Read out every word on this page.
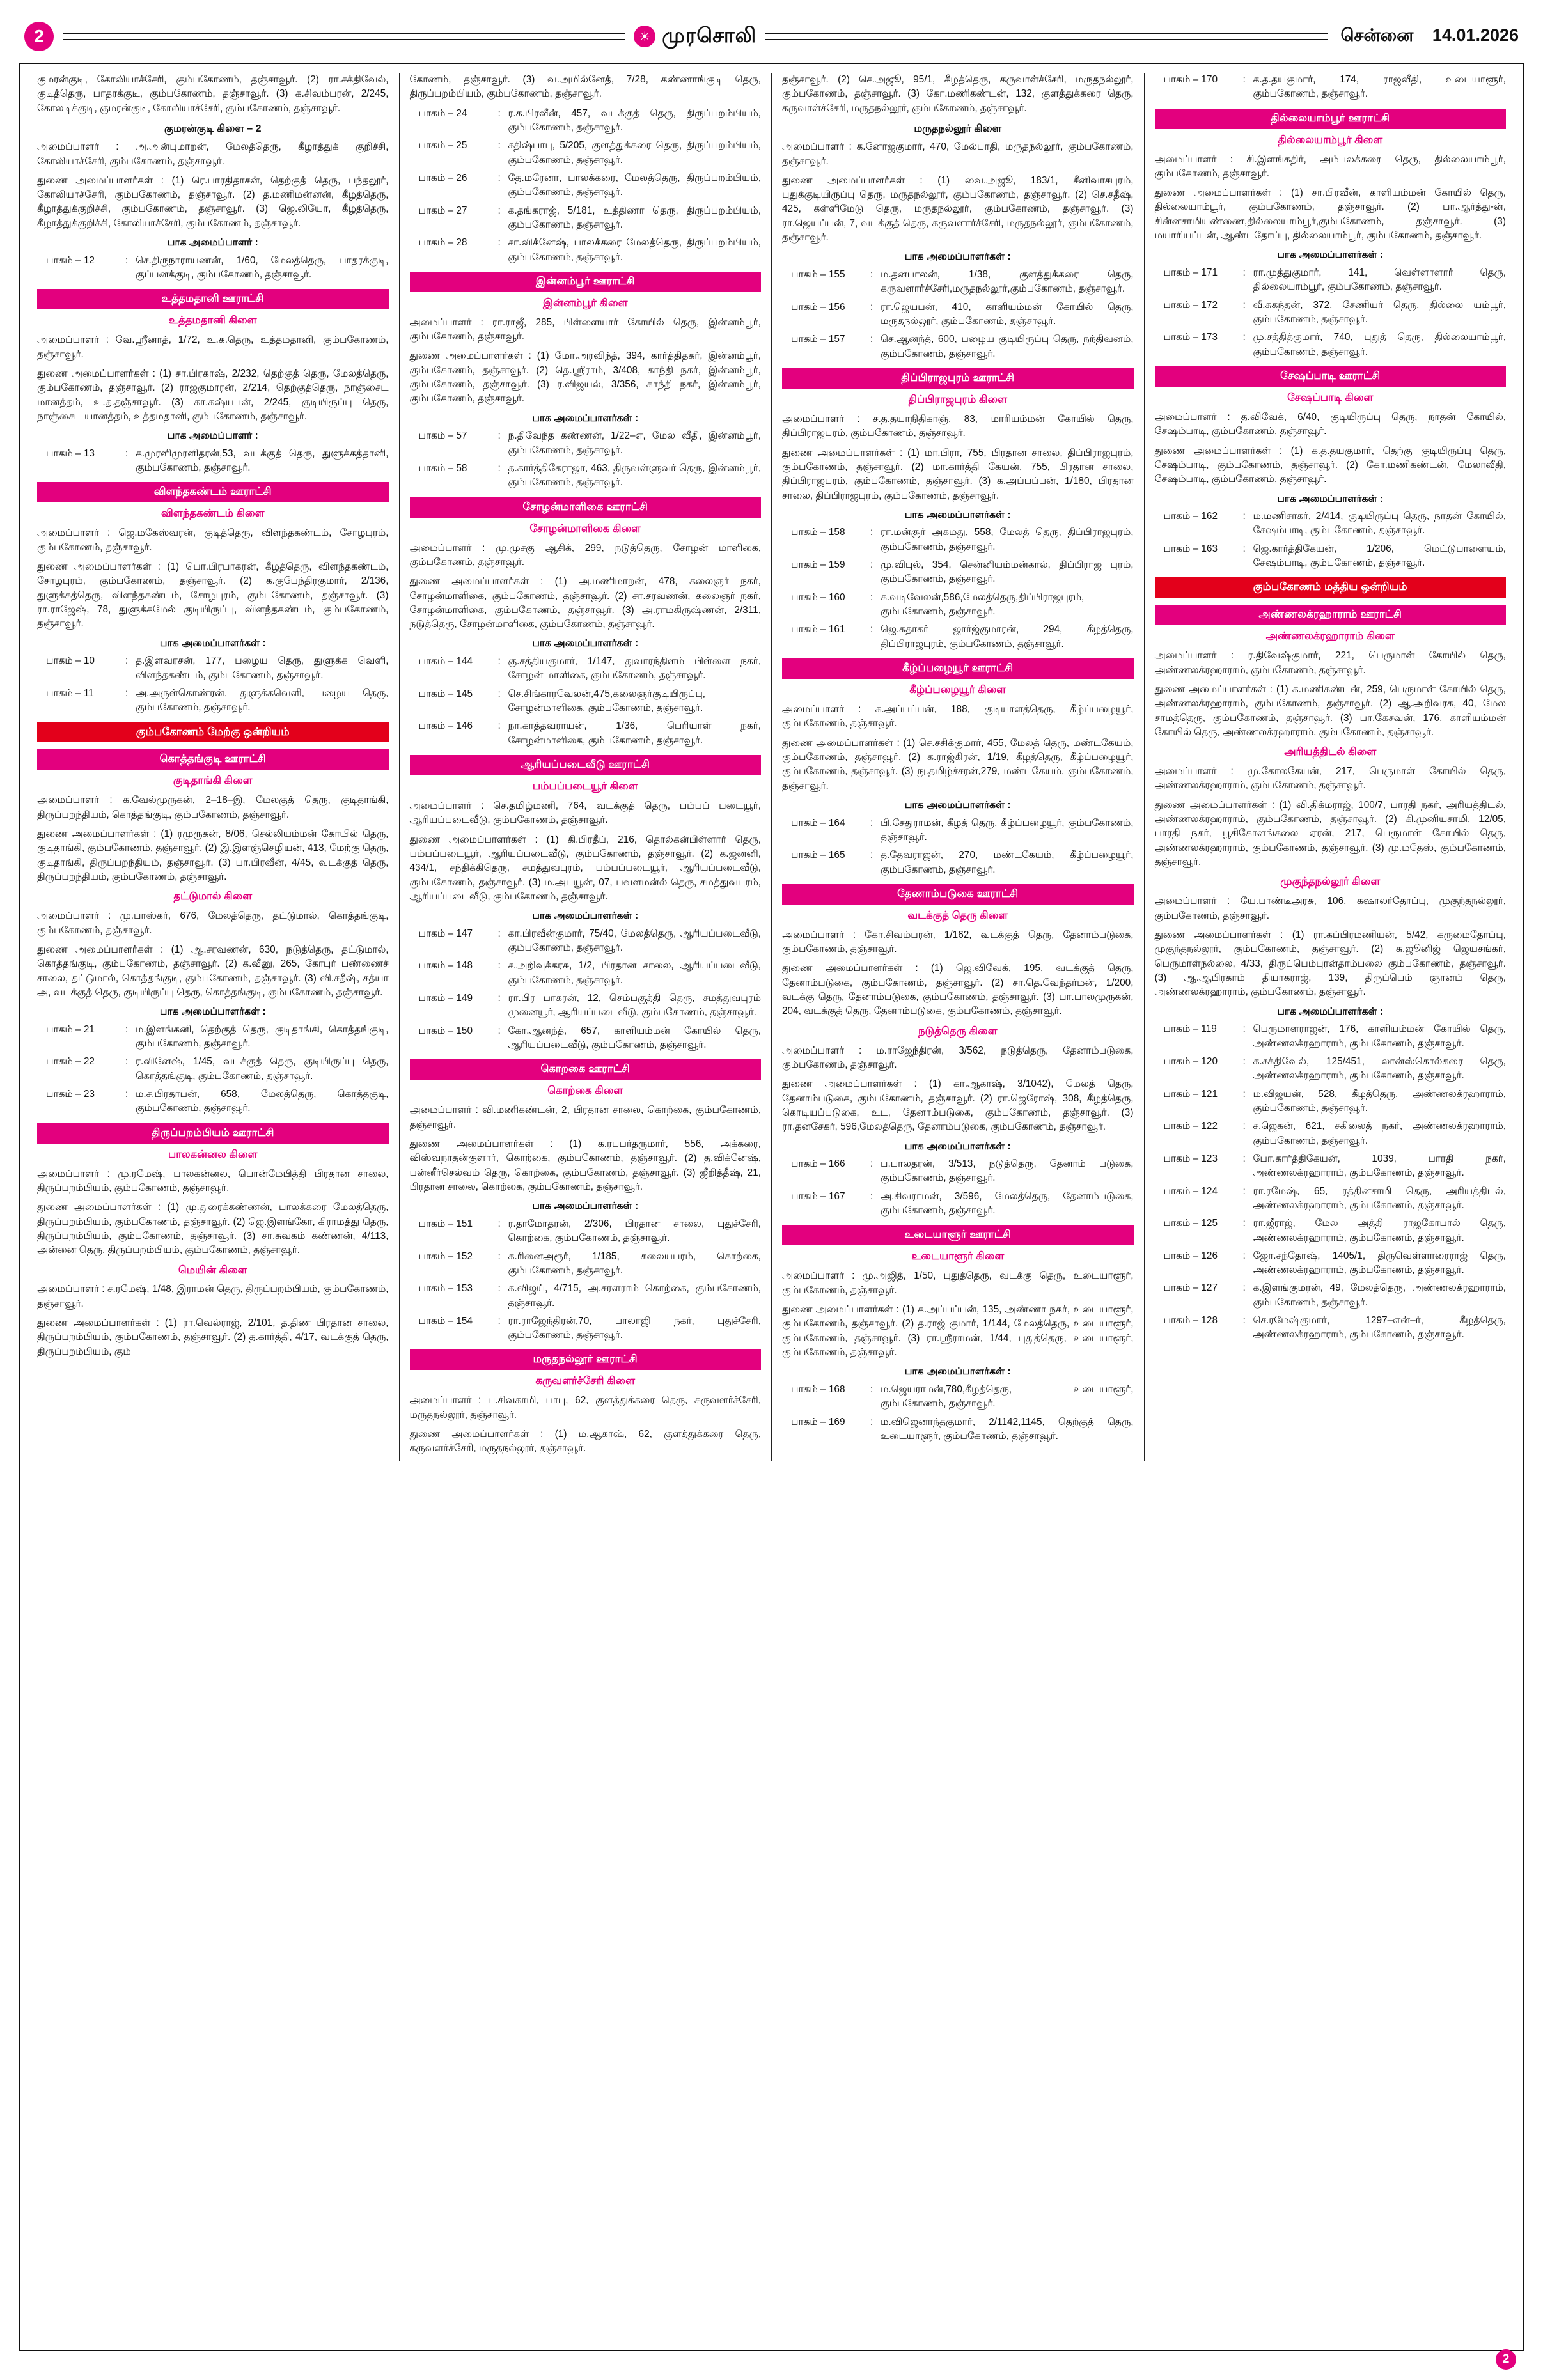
2	☀ முரசொலி	சென்னை 14.01.2026
குமரன்குடி, கோலியாச்சேரி, கும்பகோணம், தஞ்சாவூர். (2) ரா.சக்திவேல், குடித்தெரு, பாதரக்குடி, கும்பகோணம், தஞ்சாவூர். (3) க.சிவம்பரன், 2/245, கோலடிக்குடி, குமரன்குடி, கோலியாச்சேரி, கும்பகோணம், தஞ்சாவூர்.
குமரன்குடி கிளை – 2
அமைப்பாளர் : அ.அன்புமாறன், மேலத்தெரு, கீழாத்துக் குறிச்சி, கோலியாச்சேரி, கும்பகோணம், தஞ்சாவூர்.
துணை அமைப்பாளர்கள் : (1) ரெ.பாரதிதாசன், தெற்குத் தெரு, பந்தலூர், கோலியாச்சேரி, கும்பகோணம், தஞ்சாவூர். (2) த.மணிமன்னன், கீழத்தெரு, கீழாத்துக்குறிச்சி, கும்பகோணம், தஞ்சாவூர். (3) ஜெ.லியோ, கீழத்தெரு, கீழாத்துக்குறிச்சி, கோலியாச்சேரி, கும்பகோணம், தஞ்சாவூர்.
பாக அமைப்பாளர் :
பாகம் – 12	: செ.திருநாராயணன், 1/60, மேலத்தெரு, பாதரக்குடி, குப்பனக்குடி, கும்பகோணம், தஞ்சாவூர்.
உத்தமதானி ஊராட்சி
உத்தமதானி கிளை
அமைப்பாளர் : வே.ஸ்ரீனாத், 1/72, உ.க.தெரு, உத்தமதானி, கும்பகோணம், தஞ்சாவூர்.
துணை அமைப்பாளர்கள் : (1) சா.பிரகாஷ், 2/232, தெற்குத் தெரு, மேலத்தெரு, கும்பகோணம், தஞ்சாவூர். (2) ராஜகுமாரன், 2/214, தெற்குத்தெரு, நாஞ்சைட மானத்தம், உ.த.தஞ்சாவூர். (3) கா.கஷ்யபன், 2/245, குடியிருப்பு தெரு, நாஞ்சைட யானத்தம், உத்தமதானி, கும்பகோணம், தஞ்சாவூர்.
பாக அமைப்பாளர் :
பாகம் – 13	: க.முரளிமுரளிதரன்,53, வடக்குத் தெரு, துளுக்கத்தானி, கும்பகோணம், தஞ்சாவூர்.
விளந்தகண்டம் ஊராட்சி
விளந்தகண்டம் கிளை
அமைப்பாளர் : ஜெ.மகேஸ்வரன், குடித்தெரு, விளந்தகண்டம், சோழபுரம், கும்பகோணம், தஞ்சாவூர்.
துணை அமைப்பாளர்கள் : (1) பொ.பிரபாகரன், கீழத்தெரு, விளந்தகண்டம், சோழபுரம், கும்பகோணம், தஞ்சாவூர். (2) க.குபேந்திரகுமார், 2/136, துளுக்கத்தெரு, விளந்தகண்டம், சோழபுரம், கும்பகோணம், தஞ்சாவூர். (3) ரா.ராஜேஷ், 78, துளுக்கமேல் குடியிருப்பு, விளந்தகண்டம், கும்பகோணம், தஞ்சாவூர்.
பாக அமைப்பாளர்கள் :
பாகம் – 10	: த.இளவரசன், 177, பழைய தெரு, துளுக்க வெளி, விளந்தகண்டம், கும்பகோணம், தஞ்சாவூர்.
பாகம் – 11	: அ.அருள்கொண்ரன், துளுக்கவெளி, பழைய தெரு, கும்பகோணம், தஞ்சாவூர்.
கும்பகோணம் மேற்கு ஒன்றியம்
கொத்தங்குடி ஊராட்சி
குடிதாங்கி கிளை
அமைப்பாளர் : க.வேல்முருகன், 2–18–இ, மேலகுத் தெரு, குடிதாங்கி, திருப்பறந்தியம், கொத்தங்குடி, கும்பகோணம், தஞ்சாவூர்.
துணை அமைப்பாளர்கள் : (1) ரமுருகன், 8/06, செல்லியம்மன் கோயில் தெரு, குடிதாங்கி, கும்பகோணம், தஞ்சாவூர். (2) இ.இளஞ்செழியன், 413, மேற்கு தெரு, குடிதாங்கி, திருப்பறந்தியம், தஞ்சாவூர். (3) பா.பிரவீன், 4/45, வடக்குத் தெரு, திருப்பறந்தியம், கும்பகோணம், தஞ்சாவூர்.
தட்டுமால் கிளை
அமைப்பாளர் : மு.பாஸ்கர், 676, மேலத்தெரு, தட்டுமால், கொத்தங்குடி, கும்பகோணம், தஞ்சாவூர்.
துணை அமைப்பாளர்கள் : (1) ஆ.சரவணன், 630, நடுத்தெரு, தட்டுமால், கொத்தங்குடி, கும்பகோணம், தஞ்சாவூர். (2) க.வீனு, 265, கோபுர் பண்ணைச் சாலை, தட்டுமால், கொத்தங்குடி, கும்பகோணம், தஞ்சாவூர். (3) வி.சதீஷ், சத்யா அ, வடக்குத் தெரு, குடியிருப்பு தெரு, கொத்தங்குடி, கும்பகோணம், தஞ்சாவூர்.
பாக அமைப்பாளர்கள் :
பாகம் – 21	: ம.இளங்கனி, தெற்குத் தெரு, குடிதாங்கி, கொத்தங்குடி, கும்பகோணம், தஞ்சாவூர்.
பாகம் – 22	: ர.வினேஷ், 1/45, வடக்குத் தெரு, குடியிருப்பு தெரு, கொத்தங்குடி, கும்பகோணம், தஞ்சாவூர்.
பாகம் – 23	: ம.ச.பிரதாபன், 658, மேலத்தெரு, கொத்தகுடி, கும்பகோணம், தஞ்சாவூர்.
திருப்பறம்பியம் ஊராட்சி
பாலகன்னல கிளை
அமைப்பாளர் : மு.ரமேஷ், பாலகன்னல, பொன்மேபித்தி பிரதான சாலை, திருப்பறம்பியம், கும்பகோணம், தஞ்சாவூர்.
துணை அமைப்பாளர்கள் : (1) மு.துரைக்கண்ணன், பாலக்கரை மேலத்தெரு, திருப்பறம்பியம், கும்பகோணம், தஞ்சாவூர். (2) ஜெ.இளங்கோ, கிராமத்து தெரு, திருப்பறம்பியம், கும்பகோணம், தஞ்சாவூர். (3) சா.சுவகம் கண்ணன், 4/113, அன்னை தெரு, திருப்பறம்பியம், கும்பகோணம், தஞ்சாவூர்.
மெயின் கிளை
அமைப்பாளர் : ச.ரமேஷ், 1/48, இராமன் தெரு, திருப்பறம்பியம், கும்பகோணம், தஞ்சாவூர்.
துணை அமைப்பாளர்கள் : (1) ரா.வெல்ராஜ், 2/101, த.திண பிரதான சாலை, திருப்பறம்பியம், கும்பகோணம், தஞ்சாவூர். (2) த.கார்த்தி, 4/17, வடக்குத் தெரு, திருப்பறம்பியம், கும்
கோணம், தஞ்சாவூர். (3) வ.அமில்னேத், 7/28, கண்ணாங்குடி தெரு, திருப்பறம்பியம், கும்பகோணம், தஞ்சாவூர்.
பாகம் – 24	: ர.க.பிரவீன், 457, வடக்குத் தெரு, திருப்பறம்பியம், கும்பகோணம், தஞ்சாவூர்.
பாகம் – 25	: சதிஷ்பாபு, 5/205, குளத்துக்கரை தெரு, திருப்பறம்பியம், கும்பகோணம், தஞ்சாவூர்.
பாகம் – 26	: தே.மரேனா, பாலக்கரை, மேலத்தெரு, திருப்பறம்பியம், கும்பகோணம், தஞ்சாவூர்.
பாகம் – 27	: க.தங்கராஜ், 5/181, உத்திணா தெரு, திருப்பறம்பியம், கும்பகோணம், தஞ்சாவூர்.
பாகம் – 28	: சா.விக்னேஷ், பாலக்கரை மேலத்தெரு, திருப்பறம்பியம், கும்பகோணம், தஞ்சாவூர்.
இன்னம்பூர் ஊராட்சி
இன்னம்பூர் கிளை
அமைப்பாளர் : ரா.ராஜீ, 285, பிள்ளையார் கோயில் தெரு, இன்னம்பூர், கும்பகோணம், தஞ்சாவூர்.
துணை அமைப்பாளர்கள் : (1) மோ.அரவிந்த், 394, கார்த்திதகர், இன்னம்பூர், கும்பகோணம், தஞ்சாவூர். (2) தெ.ஸ்ரீராம், 3/408, காந்தி நகர், இன்னம்பூர், கும்பகோணம், தஞ்சாவூர். (3) ர.விஜயல், 3/356, காந்தி நகர், இன்னம்பூர், கும்பகோணம், தஞ்சாவூர்.
பாக அமைப்பாளர்கள் :
பாகம் – 57	: ந.திவேந்த கண்ணன், 1/22–எ, மேல வீதி, இன்னம்பூர், கும்பகோணம், தஞ்சாவூர்.
பாகம் – 58	: த.கார்த்திகேராஜா, 463, திருவள்ளுவர் தெரு, இன்னம்பூர், கும்பகோணம், தஞ்சாவூர்.
சோழன்மாளிகை ஊராட்சி
சோழன்மாளிகை கிளை
அமைப்பாளர் : மு.முசகு ஆசிக், 299, நடுத்தெரு, சோழன் மாளிகை, கும்பகோணம், தஞ்சாவூர்.
துணை அமைப்பாளர்கள் : (1) அ.மணிமாறன், 478, கலைஞர் நகர், சோழன்மாளிகை, கும்பகோணம், தஞ்சாவூர். (2) சா.சரவணன், கலைஞர் நகர், சோழன்மாளிகை, கும்பகோணம், தஞ்சாவூர். (3) அ.ராமகிருஷ்ணன், 2/311, நடுத்தெரு, சோழன்மாளிகை, கும்பகோணம், தஞ்சாவூர்.
பாக அமைப்பாளர்கள் :
பாகம் – 144	: கு.சத்தியகுமார், 1/147, துவாரந்திளம் பிள்ளை நகர், சோழன் மாளிகை, கும்பகோணம், தஞ்சாவூர்.
பாகம் – 145	: செ.சிங்காரவேலன்,475,கலைஞர்குடியிருப்பு, சோழன்மாளிகை, கும்பகோணம், தஞ்சாவூர்.
பாகம் – 146	: நா.காத்தவராயன், 1/36, பெரியாள் நகர், சோழன்மாளிகை, கும்பகோணம், தஞ்சாவூர்.
ஆரியப்படைவீடு ஊராட்சி
பம்பப்படையூர் கிளை
அமைப்பாளர் : செ.தமிழ்மணி, 764, வடக்குத் தெரு, பம்பப் படையூர், ஆரியப்படைவீடு, கும்பகோணம், தஞ்சாவூர்.
துணை அமைப்பாளர்கள் : (1) கி.பிரதீப், 216, தொல்கன்பிள்ளார் தெரு, பம்பப்படையூர், ஆரியப்படைவீடு, கும்பகோணம், தஞ்சாவூர். (2) க.ஜனனி, 434/1, சந்திக்கிதெரு, சமத்துவபுரம், பம்பப்படையூர், ஆரியப்படைவீடு, கும்பகோணம், தஞ்சாவூர். (3) ம.அபயூன், 07, பவளமன்ல் தெரு, சமத்துவபுரம், ஆரியப்படைவீடு, கும்பகோணம், தஞ்சாவூர்.
பாக அமைப்பாளர்கள் :
பாகம் – 147	: கா.பிரவீன்குமார், 75/40, மேலத்தெரு, ஆரியப்படைவீடு, கும்பகோணம், தஞ்சாவூர்.
பாகம் – 148	: ச.அறிவுக்கரசு, 1/2, பிரதான சாலை, ஆரியப்படைவீடு, கும்பகோணம், தஞ்சாவூர்.
பாகம் – 149	: ரா.பிர பாகரன், 12, செம்பகுத்தி தெரு, சமத்துவபுரம் முனையூர், ஆரியப்படைவீடு, கும்பகோணம், தஞ்சாவூர்.
பாகம் – 150	: கோ.ஆனந்த், 657, காளியம்மன் கோயில் தெரு, ஆரியப்படைவீடு, கும்பகோணம், தஞ்சாவூர்.
கொறகை ஊராட்சி
கொற்கை கிளை
அமைப்பாளர் : வி.மணிகண்டன், 2, பிரதான சாலை, கொற்கை, கும்பகோணம், தஞ்சாவூர்.
துணை அமைப்பாளர்கள் : (1) க.ரபபர்தருமார், 556, அக்கரை, விஸ்வநாதன்குளார், கொற்கை, கும்பகோணம், தஞ்சாவூர். (2) த.விக்னேஷ், பன்னீர்செல்வம் தெரு, கொற்கை, கும்பகோணம், தஞ்சாவூர். (3) ஜீறித்தீஷ், 21, பிரதான சாலை, கொற்கை, கும்பகோணம், தஞ்சாவூர்.
பாக அமைப்பாளர்கள் :
பாகம் – 151	: ர.தாமோதரன், 2/306, பிரதான சாலை, புதுச்சேரி, கொற்கை, கும்பகோணம், தஞ்சாவூர்.
பாகம் – 152	: க.ரினைஅரூர், 1/185, கலையபரம், கொற்கை, கும்பகோணம், தஞ்சாவூர்.
பாகம் – 153	: க.விஜய், 4/715, அ.சரளராம் கொற்கை, கும்பகோணம், தஞ்சாவூர்.
பாகம் – 154	: ரா.ராஜேந்திரன்,70, பாலாஜி நகர், புதுச்சேரி, கும்பகோணம், தஞ்சாவூர்.
மருதநல்லூர் ஊராட்சி
கருவளர்ச்சேரி கிளை
அமைப்பாளர் : ப.சிவகாமி, பாபு, 62, குளத்துக்கரை தெரு, கருவளர்ச்சேரி, மருதநல்லூர், தஞ்சாவூர்.
துணை அமைப்பாளர்கள் : (1) ம.ஆகாஷ், 62, குளத்துக்கரை தெரு, கருவளர்ச்சேரி, மருதநல்லூர், தஞ்சாவூர்.
தஞ்சாவூர். (2) செ.அஜூ, 95/1, கீழத்தெரு, கருவாள்ச்சேரி, மருதநல்லூர், கும்பகோணம், தஞ்சாவூர். (3) கோ.மணிகண்டன், 132, குளத்துக்கரை தெரு, கருவாள்ச்சேரி, மருதநல்லூர், கும்பகோணம், தஞ்சாவூர்.
மருதநல்லூர் கிளை
அமைப்பாளர் : க.னோஜகுமார், 470, மேல்பாதி, மருதநல்லூர், கும்பகோணம், தஞ்சாவூர்.
துணை அமைப்பாளர்கள் : (1) வை.அஜூ, 183/1, சீனிவாசபுரம், புதுக்குடியிருப்பு தெரு, மருதநல்லூர், கும்பகோணம், தஞ்சாவூர். (2) செ.சதீஷ், 425, கள்ளிமேடு தெரு, மருதநல்லூர், கும்பகோணம், தஞ்சாவூர். (3) ரா.ஜெயப்பன், 7, வடக்குத் தெரு, கருவளார்ச்சேரி, மருதநல்லூர், கும்பகோணம், தஞ்சாவூர்.
பாக அமைப்பாளர்கள் :
பாகம் – 155	: ம.தனபாலன், 1/38, குளத்துக்கரை தெரு, கருவளார்ச்சேரி,மருதநல்லூர்,கும்பகோணம், தஞ்சாவூர்.
பாகம் – 156	: ரா.ஜெயபன், 410, காளியம்மன் கோயில் தெரு, மருதநல்லூர், கும்பகோணம், தஞ்சாவூர்.
பாகம் – 157	: செ.ஆனந்த், 600, பழைய குடியிருப்பு தெரு, நந்திவனம், கும்பகோணம், தஞ்சாவூர்.
திப்பிராஜபுரம் ஊராட்சி
திப்பிராஜபுரம் கிளை
அமைப்பாளர் : ச.த.தயாநிதிகாஞ், 83, மாரியம்மன் கோயில் தெரு, திப்பிராஜபுரம், கும்பகோணம், தஞ்சாவூர்.
துணை அமைப்பாளர்கள் : (1) மா.பிரா, 755, பிரதான சாலை, திப்பிராஜபுரம், கும்பகோணம், தஞ்சாவூர். (2) மா.கார்த்தி கேயன், 755, பிரதான சாலை, திப்பிராஜபுரம், கும்பகோணம், தஞ்சாவூர். (3) க.அப்பப்பன், 1/180, பிரதான சாலை, திப்பிராஜபுரம், கும்பகோணம், தஞ்சாவூர்.
பாக அமைப்பாளர்கள் :
பாகம் – 158	: ரா.மன்சூர் அகமது, 558, மேலத் தெரு, திப்பிராஜபுரம், கும்பகோணம், தஞ்சாவூர்.
பாகம் – 159	: மு.விபுல், 354, சென்னியம்மன்கால், திப்பிராஜ புரம், கும்பகோணம், தஞ்சாவூர்.
பாகம் – 160	: க.வடிவேலன்,586,மேலத்தெரு,திப்பிராஜபுரம், கும்பகோணம், தஞ்சாவூர்.
பாகம் – 161	: ஜெ.சுதாகர் ஜார்ஜ்குமாரன், 294, கீழத்தெரு, திப்பிராஜபுரம், கும்பகோணம், தஞ்சாவூர்.
கீழ்ப்பழையூர் ஊராட்சி
கீழ்ப்பழையூர் கிளை
அமைப்பாளர் : க.அப்பப்பன், 188, குடியாளத்தெரு, கீழ்ப்பழையூர், கும்பகோணம், தஞ்சாவூர்.
துணை அமைப்பாளர்கள் : (1) செ.சசிக்குமார், 455, மேலத் தெரு, மண்டகேயம், கும்பகோணம், தஞ்சாவூர். (2) க.ராஜ்கிரன், 1/19, கீழத்தெரு, கீழ்ப்பழையூர், கும்பகோணம், தஞ்சாவூர். (3) நு.தமிழ்ச்சரன்,279, மண்டகேயம், கும்பகோணம், தஞ்சாவூர்.
பாக அமைப்பாளர்கள் :
பாகம் – 164	: பி.சேதுராமன், கீழத் தெரு, கீழ்ப்பழையூர், கும்பகோணம், தஞ்சாவூர்.
பாகம் – 165	: த.தேவராஜன், 270, மண்டகேயம், கீழ்ப்பழையூர், கும்பகோணம், தஞ்சாவூர்.
தேணாம்படுகை ஊராட்சி
வடக்குத் தெரு கிளை
அமைப்பாளர் : கோ.சிவம்பரன், 1/162, வடக்குத் தெரு, தேனாம்படுகை, கும்பகோணம், தஞ்சாவூர்.
துணை அமைப்பாளர்கள் : (1) ஜெ.விவேக், 195, வடக்குத் தெரு, தேனாம்படுகை, கும்பகோணம், தஞ்சாவூர். (2) சா.தெ.வேந்தர்மன், 1/200, வடக்கு தெரு, தேனாம்படுகை, கும்பகோணம், தஞ்சாவூர். (3) பா.பாலமுருகன், 204, வடக்குத் தெரு, தேனாம்படுகை, கும்பகோணம், தஞ்சாவூர்.
நடுத்தெரு கிளை
அமைப்பாளர் : ம.ராஜேந்திரன், 3/562, நடுத்தெரு, தேனாம்படுகை, கும்பகோணம், தஞ்சாவூர்.
துணை அமைப்பாளர்கள் : (1) கா.ஆகாஷ், 3/1042), மேலத் தெரு, தேனாம்படுகை, கும்பகோணம், தஞ்சாவூர். (2) ரா.ஜெரோஷ், 308, கீழத்தெரு, கொடியப்படுகை, உட, தேனாம்படுகை, கும்பகோணம், தஞ்சாவூர். (3) ரா.தனசேகர், 596,மேலத்தெரு, தேனாம்படுகை, கும்பகோணம், தஞ்சாவூர்.
பாக அமைப்பாளர்கள் :
பாகம் – 166	: ப.பாலதரன், 3/513, நடுத்தெரு, தேனாம் படுகை, கும்பகோணம், தஞ்சாவூர்.
பாகம் – 167	: அ.சிவராமன், 3/596, மேலத்தெரு, தேனாம்படுகை, கும்பகோணம், தஞ்சாவூர்.
உடையாளூர் ஊராட்சி
உடையாளூர் கிளை
அமைப்பாளர் : மு.அஜித், 1/50, புதுத்தெரு, வடக்கு தெரு, உடையாளூர், கும்பகோணம், தஞ்சாவூர்.
துணை அமைப்பாளர்கள் : (1) க.அப்பப்பன், 135, அண்ணா நகர், உடையாளூர், கும்பகோணம், தஞ்சாவூர். (2) த.ராஜ் குமார், 1/144, மேலத்தெரு, உடையாளூர், கும்பகோணம், தஞ்சாவூர். (3) ரா.ஸ்ரீராமன், 1/44, புதுத்தெரு, உடையாளூர், கும்பகோணம், தஞ்சாவூர்.
பாக அமைப்பாளர்கள் :
பாகம் – 168	: ம.ஜெயராமன்,780,கீழத்தெரு, உடையாளூர், கும்பகோணம், தஞ்சாவூர்.
பாகம் – 169	: ம.விஜெனாந்தகுமார், 2/1142,1145, தெற்குத் தெரு, உடையாளூர், கும்பகோணம், தஞ்சாவூர்.
பாகம் – 170	: க.த.தயகுமார், 174, ராஜவீதி, உடையாளூர், கும்பகோணம், தஞ்சாவூர்.
தில்லையாம்பூர் ஊராட்சி
தில்லையாம்பூர் கிளை
அமைப்பாளர் : சி.இளங்கதிர், அம்பலக்கரை தெரு, தில்லையாம்பூர், கும்பகோணம், தஞ்சாவூர்.
துணை அமைப்பாளர்கள் : (1) சா.பிரவீன், காளியம்மன் கோயில் தெரு, தில்லையாம்பூர், கும்பகோணம், தஞ்சாவூர். (2) பா.ஆர்த்து-ன், சின்னசாமியண்ணை,தில்லையாம்பூர்,கும்பகோணம், தஞ்சாவூர். (3) மயாரியப்பன், ஆண்டதோப்பு, தில்லையாம்பூர், கும்பகோணம், தஞ்சாவூர்.
பாக அமைப்பாளர்கள் :
பாகம் – 171	: ரா.முத்துகுமார், 141, வெள்ளாளார் தெரு, தில்லையாம்பூர், கும்பகோணம், தஞ்சாவூர்.
பாகம் – 172	: வீ.சுகந்தன், 372, சேணியர் தெரு, தில்லை யம்பூர், கும்பகோணம், தஞ்சாவூர்.
பாகம் – 173	: மு.சத்தித்குமார், 740, புதுத் தெரு, தில்லையாம்பூர், கும்பகோணம், தஞ்சாவூர்.
சேஷப்பாடி ஊராட்சி
சேஷப்பாடி கிளை
அமைப்பாளர் : த.விவேக், 6/40, குடியிருப்பு தெரு, நாதன் கோயில், சேஷம்பாடி, கும்பகோணம், தஞ்சாவூர்.
துணை அமைப்பாளர்கள் : (1) க.த.தயகுமார், தெற்கு குடியிருப்பு தெரு, சேஷம்பாடி, கும்பகோணம், தஞ்சாவூர். (2) கோ.மணிகண்டன், மேலாவீதி, சேஷம்பாடி, கும்பகோணம், தஞ்சாவூர்.
பாக அமைப்பாளர்கள் :
பாகம் – 162	: ம.மணிசாகர், 2/414, குடியிருப்பு தெரு, நாதன் கோயில், சேஷம்பாடி, கும்பகோணம், தஞ்சாவூர்.
பாகம் – 163	: ஜெ.கார்த்திகேயன், 1/206, மெட்டுபாளையம், சேஷம்பாடி, கும்பகோணம், தஞ்சாவூர்.
கும்பகோணம் மத்திய ஒன்றியம்
அண்ணலக்ரஹாராம் ஊராட்சி
அண்ணலக்ரஹாராம் கிளை
அமைப்பாளர் : ர.திவேஷ்குமார், 221, பெருமாள் கோயில் தெரு, அண்ணலக்ரஹாராம், கும்பகோணம், தஞ்சாவூர்.
துணை அமைப்பாளர்கள் : (1) க.மணிகண்டன், 259, பெருமாள் கோயில் தெரு, அண்ணலக்ரஹாராம், கும்பகோணம், தஞ்சாவூர். (2) ஆ.அறிவரசு, 40, மேல சாமத்தெரு, கும்பகோணம், தஞ்சாவூர். (3) பா.கேசவன், 176, காளியம்மன் கோயில் தெரு, அண்ணலக்ரஹாராம், கும்பகோணம், தஞ்சாவூர்.
அரியத்திடல் கிளை
அமைப்பாளர் : மு.கோலகேயன், 217, பெருமாள் கோயில் தெரு, அண்ணலக்ரஹாராம், கும்பகோணம், தஞ்சாவூர்.
துணை அமைப்பாளர்கள் : (1) வி.திக்மராஜ், 100/7, பாரதி நகர், அரியத்திடல், அண்ணலக்ரஹாராம், கும்பகோணம், தஞ்சாவூர். (2) கி.முனியசாமி, 12/05, பாரதி நகர், பூசிகோளங்கலை ஏரன், 217, பெருமாள் கோயில் தெரு, அண்ணலக்ரஹாராம், கும்பகோணம், தஞ்சாவூர். (3) மு.மதேஸ், கும்பகோணம், தஞ்சாவூர்.
முகுந்தநல்லூர் கிளை
அமைப்பாளர் : யே.பாண்டீஅரசு, 106, கஷாலர்தோப்பு, முகுந்தநல்லூர், கும்பகோணம், தஞ்சாவூர்.
துணை அமைப்பாளர்கள் : (1) ரா.கப்பிரமணியன், 5/42, கருமைதோப்பு, முகுந்தநல்லூர், கும்பகோணம், தஞ்சாவூர். (2) சு.ஜூனிஜ் ஜெயசங்கர், பெருமாள்நல்லை, 4/33, திருப்பெம்புரன்தாம்பலை கும்பகோணம், தஞ்சாவூர். (3) ஆ.ஆபிரகாம் தியாகராஜ், 139, திருப்பெம் ஞானம் தெரு, அண்ணலக்ரஹாராம், கும்பகோணம், தஞ்சாவூர்.
பாக அமைப்பாளர்கள் :
பாகம் – 119	: பெருமாளராஜன், 176, காளியம்மன் கோயில் தெரு, அண்ணலக்ரஹாராம், கும்பகோணம், தஞ்சாவூர்.
பாகம் – 120	: க.சக்திவேல், 125/451, லான்ஸ்கொல்கரை தெரு, அண்ணலக்ரஹாராம், கும்பகோணம், தஞ்சாவூர்.
பாகம் – 121	: ம.விஜயன், 528, கீழத்தெரு, அண்ணலக்ரஹாராம், கும்பகோணம், தஞ்சாவூர்.
பாகம் – 122	: ச.ஜெகன், 621, சகிலைத் நகர், அண்ணலக்ரஹாராம், கும்பகோணம், தஞ்சாவூர்.
பாகம் – 123	: போ.கார்த்திகேயன், 1039, பாரதி நகர், அண்ணலக்ரஹாராம், கும்பகோணம், தஞ்சாவூர்.
பாகம் – 124	: ரா.ரமேஷ், 65, ரத்தினசாமி தெரு, அரியத்திடல், அண்ணலக்ரஹாராம், கும்பகோணம், தஞ்சாவூர்.
பாகம் – 125	: ரா.ஜீராஜ், மேல அத்தி ராஜகோபால் தெரு, அண்ணலக்ரஹாராம், கும்பகோணம், தஞ்சாவூர்.
பாகம் – 126	: ஜோ.சந்தோஷ், 1405/1, திருவெள்ளாரைராஜ் தெரு, அண்ணலக்ரஹாராம், கும்பகோணம், தஞ்சாவூர்.
பாகம் – 127	: க.இளங்குமரன், 49, மேலத்தெரு, அண்ணலக்ரஹாராம், கும்பகோணம், தஞ்சாவூர்.
பாகம் – 128	: செ.ரமேஷ்குமார், 1297–என்–ர், கீழத்தெரு, அண்ணலக்ரஹாராம், கும்பகோணம், தஞ்சாவூர்.
2
